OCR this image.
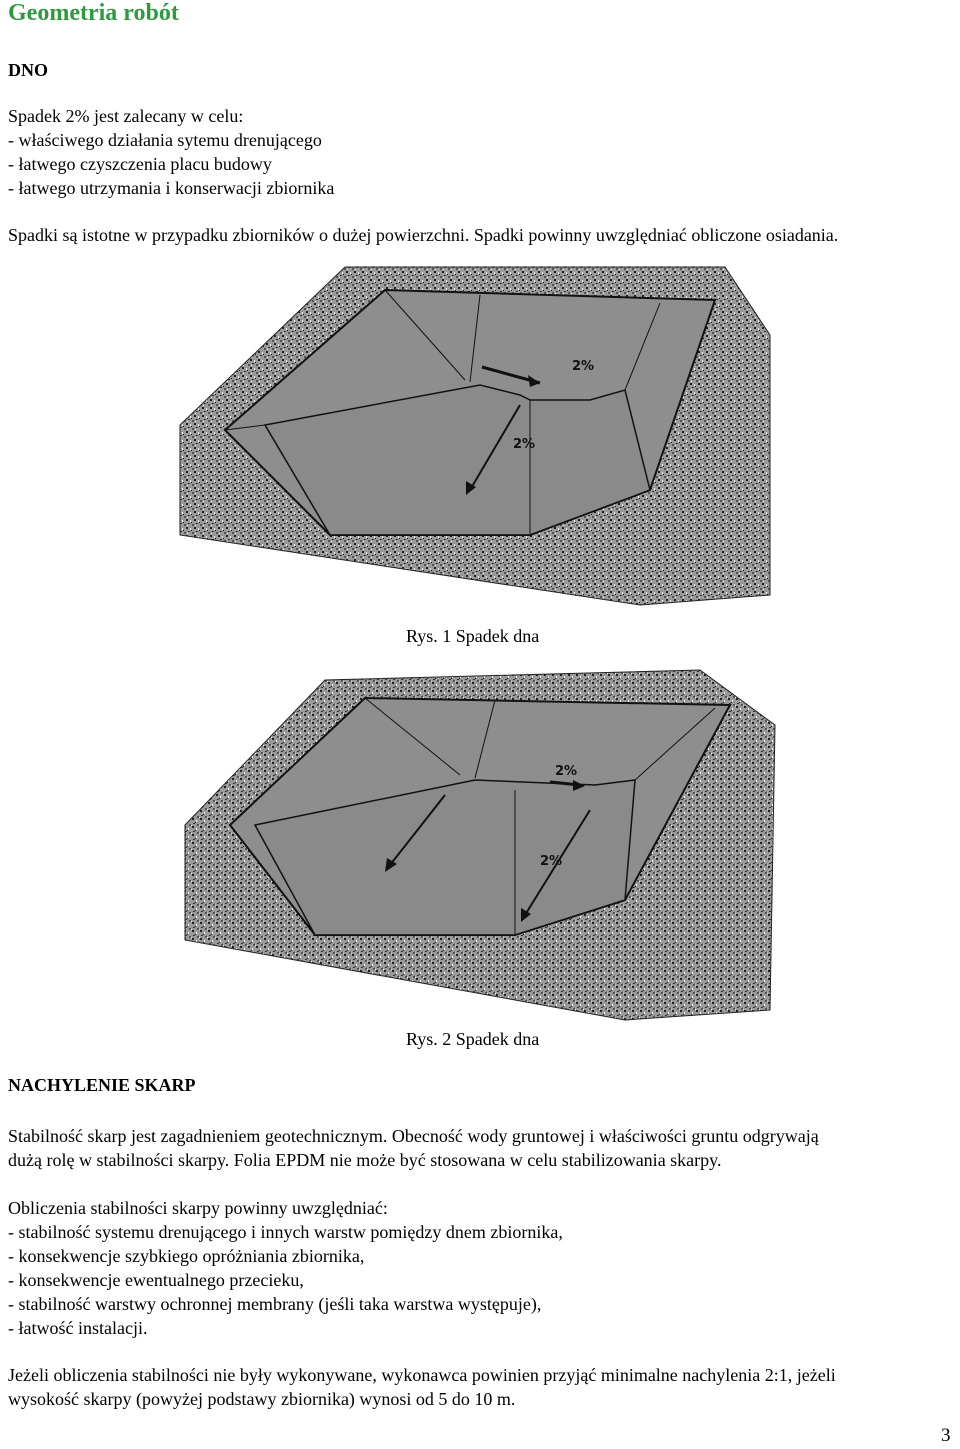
Geometria robót
DNO
Spadek 2% jest zalecany w celu:
- właściwego działania sytemu drenującego
- łatwego czyszczenia placu budowy
- łatwego utrzymania i konserwacji zbiornika
Spadki są istotne w przypadku zbiorników o dużej powierzchni. Spadki powinny uwzględniać obliczone osiadania.
2%
2%
Rys. 1 Spadek dna
2%
2%
Rys. 2 Spadek dna
NACHYLENIE SKARP
Stabilność skarp jest zagadnieniem geotechnicznym. Obecność wody gruntowej i właściwości gruntu odgrywają
dużą rolę w stabilności skarpy. Folia EPDM nie może być stosowana w celu stabilizowania skarpy.
Obliczenia stabilności skarpy powinny uwzględniać:
- stabilność systemu drenującego i innych warstw pomiędzy dnem zbiornika,
- konsekwencje szybkiego opróżniania zbiornika,
- konsekwencje ewentualnego przecieku,
- stabilność warstwy ochronnej membrany (jeśli taka warstwa występuje),
- łatwość instalacji.
Jeżeli obliczenia stabilności nie były wykonywane, wykonawca powinien przyjąć minimalne nachylenia 2:1, jeżeli
wysokość skarpy (powyżej podstawy zbiornika) wynosi od 5 do 10 m.
3
